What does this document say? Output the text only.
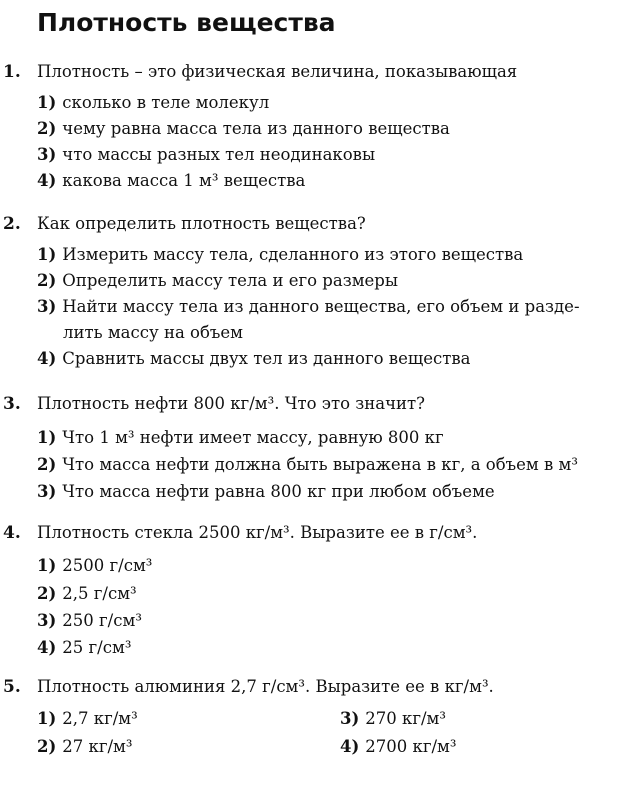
Плотность вещества
1. Плотность – это физическая величина, показывающая
1) сколько в теле молекул
2) чему равна масса тела из данного вещества
3) что массы разных тел неодинаковы
4) какова масса 1 м³ вещества
2. Как определить плотность вещества?
1) Измерить массу тела, сделанного из этого вещества
2) Определить массу тела и его размеры
3) Найти массу тела из данного вещества, его объем и разде-
лить массу на объем
4) Сравнить массы двух тел из данного вещества
3. Плотность нефти 800 кг/м³. Что это значит?
1) Что 1 м³ нефти имеет массу, равную 800 кг
2) Что масса нефти должна быть выражена в кг, а объем в м³
3) Что масса нефти равна 800 кг при любом объеме
4. Плотность стекла 2500 кг/м³. Выразите ее в г/см³.
1) 2500 г/см³
2) 2,5 г/см³
3) 250 г/см³
4) 25 г/см³
5. Плотность алюминия 2,7 г/см³. Выразите ее в кг/м³.
1) 2,7 кг/м³
2) 27 кг/м³
3) 270 кг/м³
4) 2700 кг/м³
